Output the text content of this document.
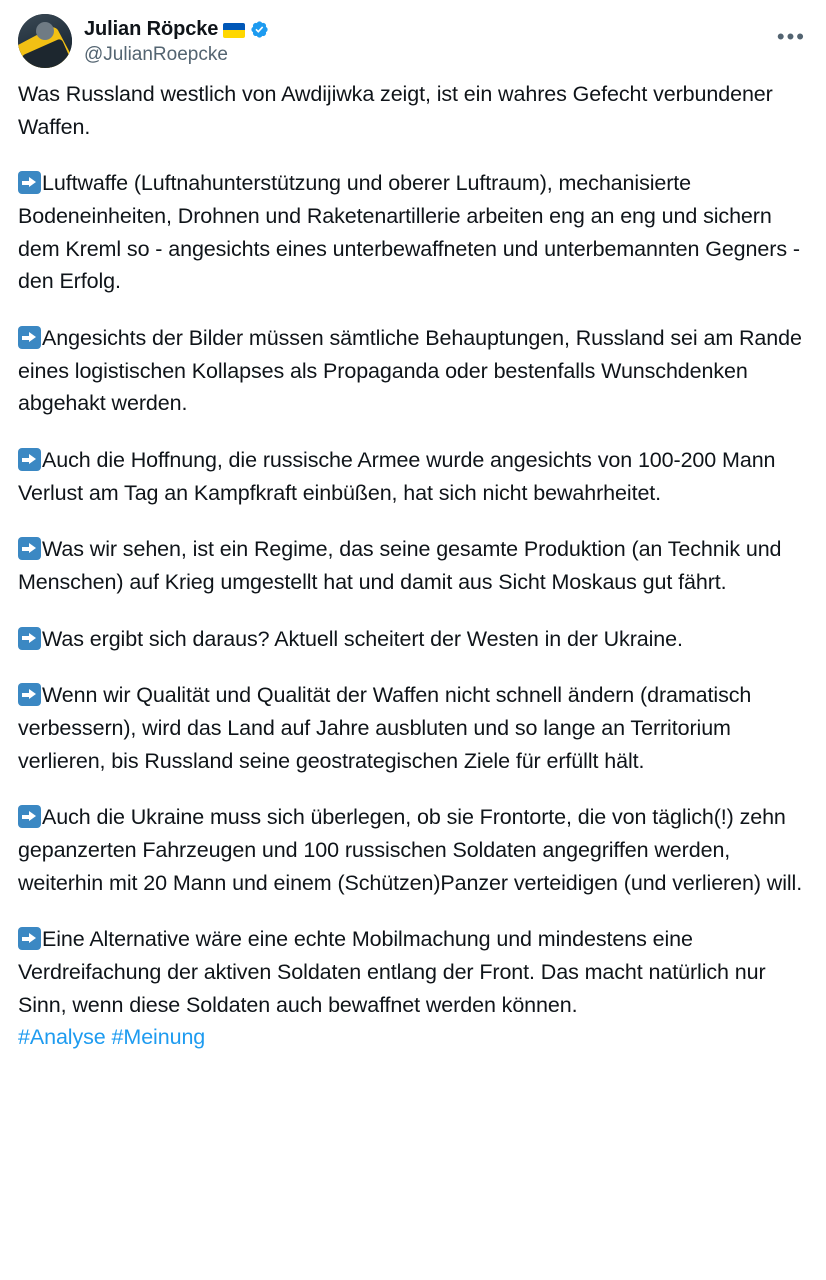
•••
Julian Röpcke
@JulianRoepcke

Was Russland westlich von Awdijiwka zeigt, ist ein wahres Gefecht verbundener Waffen.

Luftwaffe (Luftnahunterstützung und oberer Luftraum), mechanisierte Bodeneinheiten, Drohnen und Raketenartillerie arbeiten eng an eng und sichern dem Kreml so - angesichts eines unterbewaffneten und unterbemannten Gegners - den Erfolg.

Angesichts der Bilder müssen sämtliche Behauptungen, Russland sei am Rande eines logistischen Kollapses als Propaganda oder bestenfalls Wunschdenken abgehakt werden.

Auch die Hoffnung, die russische Armee wurde angesichts von 100-200 Mann Verlust am Tag an Kampfkraft einbüßen, hat sich nicht bewahrheitet.

Was wir sehen, ist ein Regime, das seine gesamte Produktion (an Technik und Menschen) auf Krieg umgestellt hat und damit aus Sicht Moskaus gut fährt.

Was ergibt sich daraus? Aktuell scheitert der Westen in der Ukraine.

Wenn wir Qualität und Qualität der Waffen nicht schnell ändern (dramatisch verbessern), wird das Land auf Jahre ausbluten und so lange an Territorium verlieren, bis Russland seine geostrategischen Ziele für erfüllt hält.

Auch die Ukraine muss sich überlegen, ob sie Frontorte, die von täglich(!) zehn gepanzerten Fahrzeugen und 100 russischen Soldaten angegriffen werden, weiterhin mit 20 Mann und einem (Schützen)Panzer verteidigen (und verlieren) will.

Eine Alternative wäre eine echte Mobilmachung und mindestens eine Verdreifachung der aktiven Soldaten entlang der Front. Das macht natürlich nur Sinn, wenn diese Soldaten auch bewaffnet werden können.
#Analyse #Meinung
